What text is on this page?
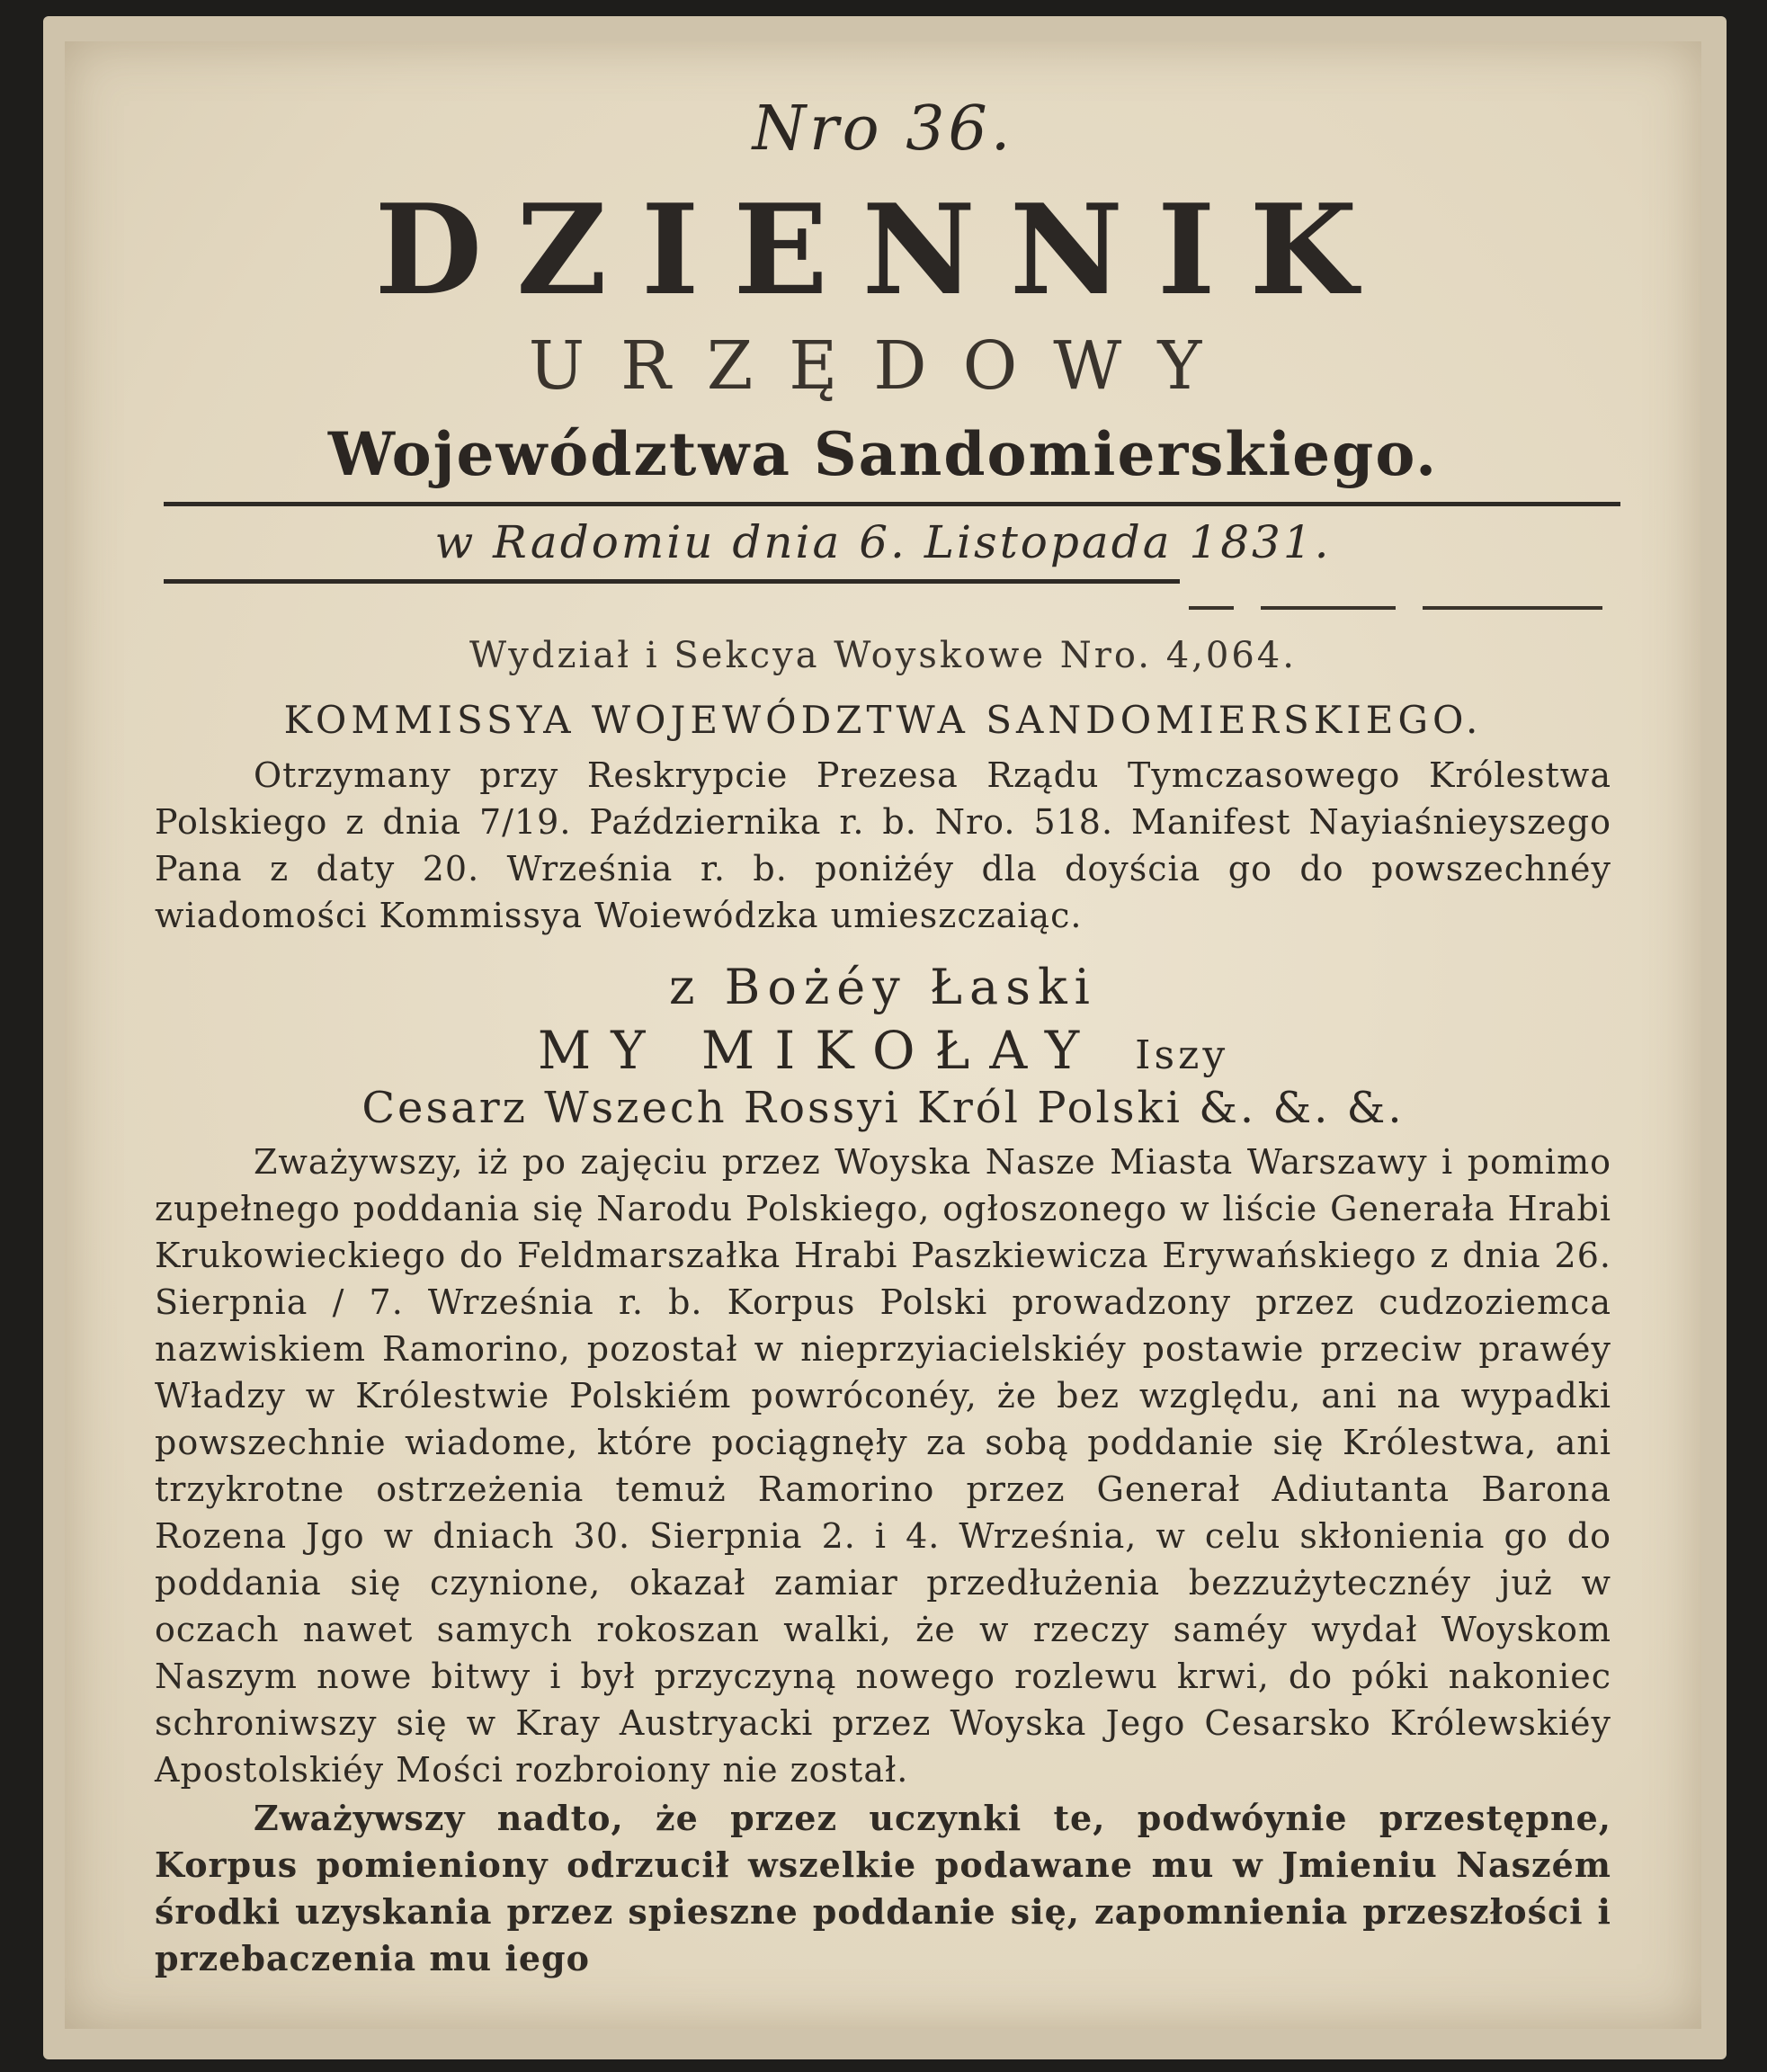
Nro 36.
DZIENNIK
URZĘDOWY
Województwa Sandomierskiego.
w Radomiu dnia 6. Listopada 1831.
Wydział i Sekcya Woyskowe Nro. 4,064.
KOMMISSYA WOJEWÓDZTWA SANDOMIERSKIEGO.
Otrzymany przy Reskrypcie Prezesa Rządu Tymczasowego Królestwa Polskiego z dnia 7/19. Października r. b. Nro. 518. Manifest Nayiaśnieyszego Pana z daty 20. Września r. b. poniżéy dla doyścia go do powszechnéy wiadomości Kommissya Woiewódzka umieszczaiąc.
z Bożéy Łaski
MY MIKOŁAY Iszy
Cesarz Wszech Rossyi Król Polski &. &. &.
Zważywszy, iż po zajęciu przez Woyska Nasze Miasta Warszawy i pomimo zupełnego poddania się Narodu Polskiego, ogłoszonego w liście Generała Hrabi Krukowieckiego do Feldmarszałka Hrabi Paszkiewicza Erywańskiego z dnia 26. Sierpnia / 7. Września r. b. Korpus Polski prowadzony przez cudzoziemca nazwiskiem Ramorino, pozostał w nieprzyiacielskiéy postawie przeciw prawéy Władzy w Królestwie Polskiém powróconéy, że bez względu, ani na wypadki powszechnie wiadome, które pociągnęły za sobą poddanie się Królestwa, ani trzykrotne ostrzeżenia temuż Ramorino przez Generał Adiutanta Barona Rozena Jgo w dniach 30. Sierpnia 2. i 4. Września, w celu skłonienia go do poddania się czynione, okazał zamiar przedłużenia bezzużytecznéy już w oczach nawet samych rokoszan walki, że w rzeczy saméy wydał Woyskom Naszym nowe bitwy i był przyczyną nowego rozlewu krwi, do póki nakoniec schroniwszy się w Kray Austryacki przez Woyska Jego Cesarsko Królewskiéy Apostolskiéy Mości rozbroiony nie został.
Zważywszy nadto, że przez uczynki te, podwóynie przestępne, Korpus pomieniony odrzucił wszelkie podawane mu w Jmieniu Naszém środki uzyskania przez spieszne poddanie się, zapomnienia przeszłości i przebaczenia mu iego
